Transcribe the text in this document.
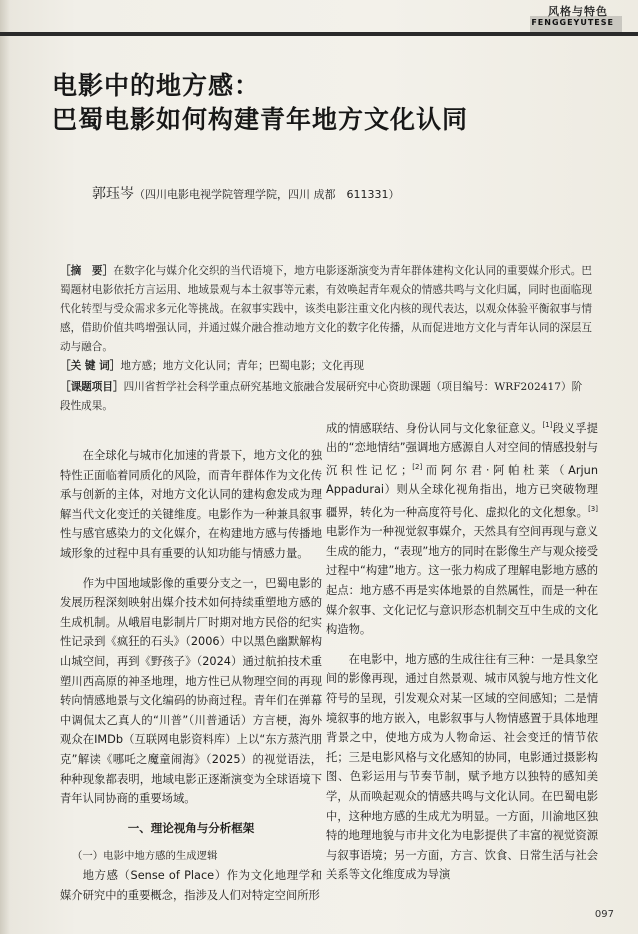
风格与特色
FENGGEYUTESE
电影中的地方感：
巴蜀电影如何构建青年地方文化认同
郭珏岑（四川电影电视学院管理学院，四川 成都　611331）
［摘　要］在数字化与媒介化交织的当代语境下，地方电影逐渐演变为青年群体建构文化认同的重要媒介形式。巴蜀题材电影依托方言运用、地域景观与本土叙事等元素，有效唤起青年观众的情感共鸣与文化归属，同时也面临现代化转型与受众需求多元化等挑战。在叙事实践中，该类电影注重文化内核的现代表达，以观众体验平衡叙事与情感，借助价值共鸣增强认同，并通过媒介融合推动地方文化的数字化传播，从而促进地方文化与青年认同的深层互动与融合。
［关 键 词］地方感；地方文化认同；青年；巴蜀电影；文化再现
［课题项目］四川省哲学社会科学重点研究基地文旅融合发展研究中心资助课题（项目编号：WRF202417）阶段性成果。

在全球化与城市化加速的背景下，地方文化的独特性正面临着同质化的风险，而青年群体作为文化传承与创新的主体，对地方文化认同的建构愈发成为理解当代文化变迁的关键维度。电影作为一种兼具叙事性与感官感染力的文化媒介，在构建地方感与传播地域形象的过程中具有重要的认知功能与情感力量。

作为中国地域影像的重要分支之一，巴蜀电影的发展历程深刻映射出媒介技术如何持续重塑地方感的生成机制。从峨眉电影制片厂时期对地方民俗的纪实性记录到《疯狂的石头》（2006）中以黑色幽默解构山城空间，再到《野孩子》（2024）通过航拍技术重塑川西高原的神圣地理，地方性已从物理空间的再现转向情感地景与文化编码的协商过程。青年们在弹幕中调侃太乙真人的“川普”（川普通话）方言梗，海外观众在IMDb（互联网电影资料库）上以“东方蒸汽朋克”解读《哪吒之魔童闹海》（2025）的视觉语法，种种现象都表明，地域电影正逐渐演变为全球语境下青年认同协商的重要场域。

一、理论视角与分析框架
（一）电影中地方感的生成逻辑

地方感（Sense of Place）作为文化地理学和媒介研究中的重要概念，指涉及人们对特定空间所形

成的情感联结、身份认同与文化象征意义。[1]段义孚提出的“恋地情结”强调地方感源自人对空间的情感投射与沉积性记忆；[2]而阿尔君·阿帕杜莱（Arjun Appadurai）则从全球化视角指出，地方已突破物理疆界，转化为一种高度符号化、虚拟化的文化想象。[3]电影作为一种视觉叙事媒介，天然具有空间再现与意义生成的能力，“表现”地方的同时在影像生产与观众接受过程中“构建”地方。这一张力构成了理解电影地方感的起点：地方感不再是实体地景的自然属性，而是一种在媒介叙事、文化记忆与意识形态机制交互中生成的文化构造物。

在电影中，地方感的生成往往有三种：一是具象空间的影像再现，通过自然景观、城市风貌与地方性文化符号的呈现，引发观众对某一区域的空间感知；二是情境叙事的地方嵌入，电影叙事与人物情感置于具体地理背景之中，使地方成为人物命运、社会变迁的情节依托；三是电影风格与文化感知的协同，电影通过摄影构图、色彩运用与节奏节制，赋予地方以独特的感知美学，从而唤起观众的情感共鸣与文化认同。在巴蜀电影中，这种地方感的生成尤为明显。一方面，川渝地区独特的地理地貌与市井文化为电影提供了丰富的视觉资源与叙事语境；另一方面，方言、饮食、日常生活与社会关系等文化维度成为导演

097
